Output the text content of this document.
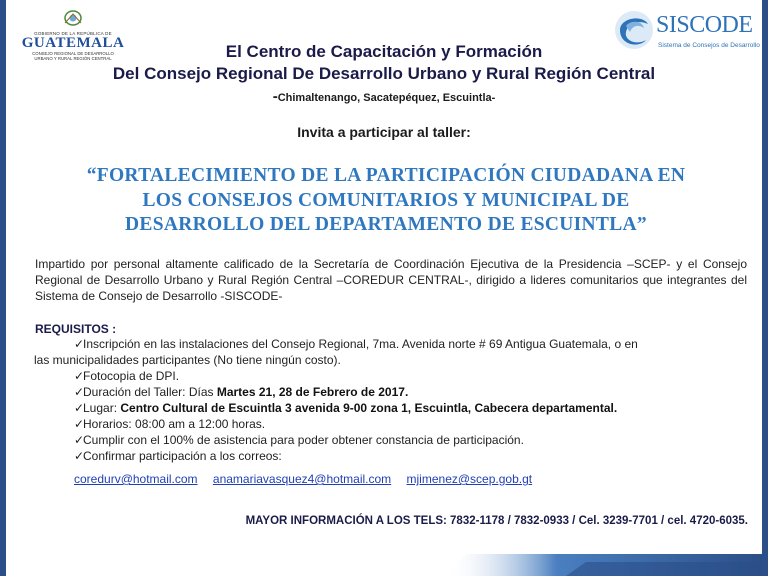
GOBIERNO DE LA REPÚBLICA DE
GUATEMALA
CONSEJO REGIONAL DE DESARROLLO
URBANO Y RURAL REGIÓN CENTRAL
SISCODE
Sistema de Consejos de Desarrollo
El Centro de Capacitación y Formación
Del Consejo Regional De Desarrollo Urbano y Rural Región Central
-Chimaltenango, Sacatepéquez, Escuintla-
Invita a participar al taller:
“FORTALECIMIENTO DE LA PARTICIPACIÓN CIUDADANA EN
LOS CONSEJOS COMUNITARIOS Y MUNICIPAL DE
DESARROLLO DEL DEPARTAMENTO DE ESCUINTLA”
Impartido por personal altamente calificado de la Secretaría de Coordinación Ejecutiva de la Presidencia –SCEP- y el Consejo Regional de Desarrollo Urbano y Rural Región Central –COREDUR CENTRAL-, dirigido a lideres comunitarios que integrantes del Sistema de Consejo de Desarrollo -SISCODE-
REQUISITOS :
✓Inscripción en las instalaciones del Consejo Regional, 7ma. Avenida norte # 69 Antigua Guatemala, o en
las municipalidades participantes (No tiene ningún costo).
✓Fotocopia de DPI.
✓Duración del Taller: Días Martes 21, 28 de Febrero de 2017.
✓Lugar: Centro Cultural de Escuintla 3 avenida 9-00 zona 1, Escuintla, Cabecera departamental.
✓Horarios: 08:00 am a 12:00 horas.
✓Cumplir con el 100% de asistencia para poder obtener constancia de participación.
✓Confirmar participación a los correos:
coredurv@hotmail.com anamariavasquez4@hotmail.com mjimenez@scep.gob.gt
MAYOR INFORMACIÓN A LOS TELS: 7832-1178 / 7832-0933 / Cel. 3239-7701 / cel. 4720-6035.
